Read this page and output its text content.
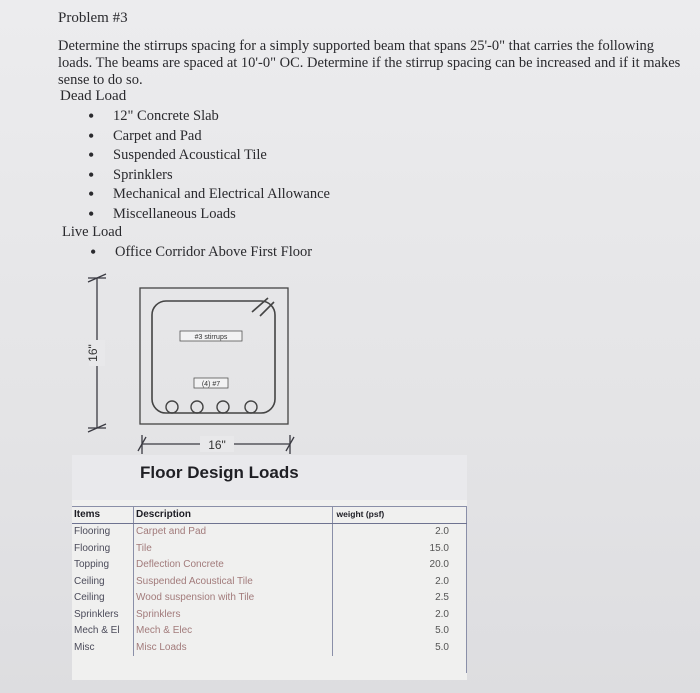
Problem #3
Determine the stirrups spacing for a simply supported beam that spans 25'-0" that carries the following loads. The beams are spaced at 10'-0" OC. Determine if the stirrup spacing can be increased and if it makes sense to do so.
Dead Load
• 12" Concrete Slab
• Carpet and Pad
• Suspended Acoustical Tile
• Sprinklers
• Mechanical and Electrical Allowance
• Miscellaneous Loads
Live Load
• Office Corridor Above First Floor
16"
#3 stirrups
(4) #7
16"
Floor Design Loads
Items	Description	weight (psf)
Flooring	Carpet and Pad	2.0
Flooring	Tile	15.0
Topping	Deflection Concrete	20.0
Ceiling	Suspended Acoustical Tile	2.0
Ceiling	Wood suspension with Tile	2.5
Sprinklers	Sprinklers	2.0
Mech & El	Mech & Elec	5.0
Misc	Misc Loads	5.0
